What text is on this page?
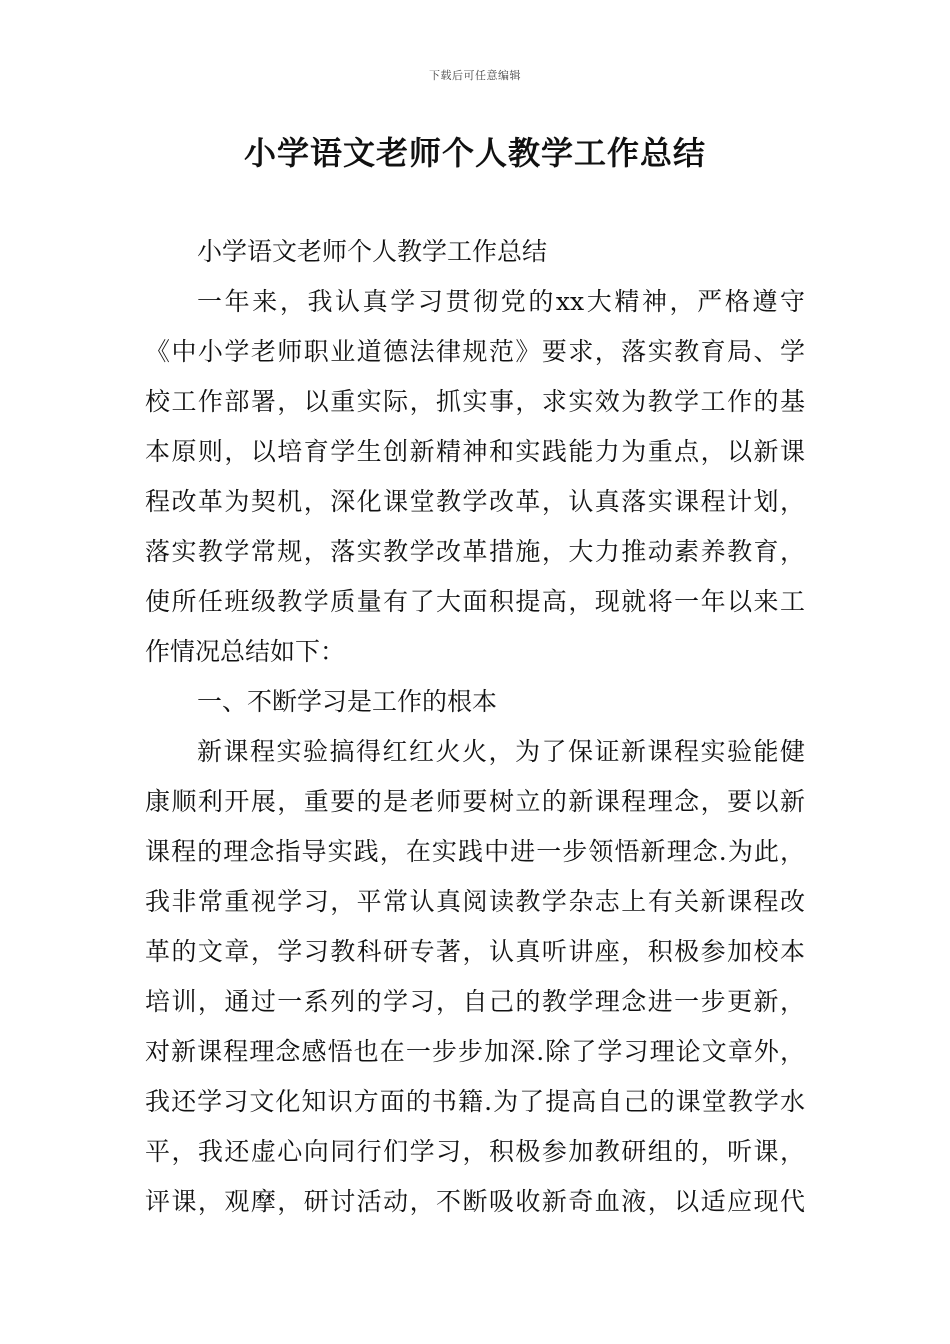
下载后可任意编辑
小学语文老师个人教学工作总结
小学语文老师个人教学工作总结
一年来，我认真学习贯彻党的xx大精神，严格遵守
《中小学老师职业道德法律规范》要求，落实教育局、学
校工作部署，以重实际，抓实事，求实效为教学工作的基
本原则，以培育学生创新精神和实践能力为重点，以新课
程改革为契机，深化课堂教学改革，认真落实课程计划，
落实教学常规，落实教学改革措施，大力推动素养教育，
使所任班级教学质量有了大面积提高，现就将一年以来工
作情况总结如下：
一、不断学习是工作的根本
新课程实验搞得红红火火，为了保证新课程实验能健
康顺利开展，重要的是老师要树立的新课程理念，要以新
课程的理念指导实践，在实践中进一步领悟新理念.为此，
我非常重视学习，平常认真阅读教学杂志上有关新课程改
革的文章，学习教科研专著，认真听讲座，积极参加校本
培训，通过一系列的学习，自己的教学理念进一步更新，
对新课程理念感悟也在一步步加深.除了学习理论文章外，
我还学习文化知识方面的书籍.为了提高自己的课堂教学水
平，我还虚心向同行们学习，积极参加教研组的，听课，
评课，观摩，研讨活动，不断吸收新奇血液，以适应现代
